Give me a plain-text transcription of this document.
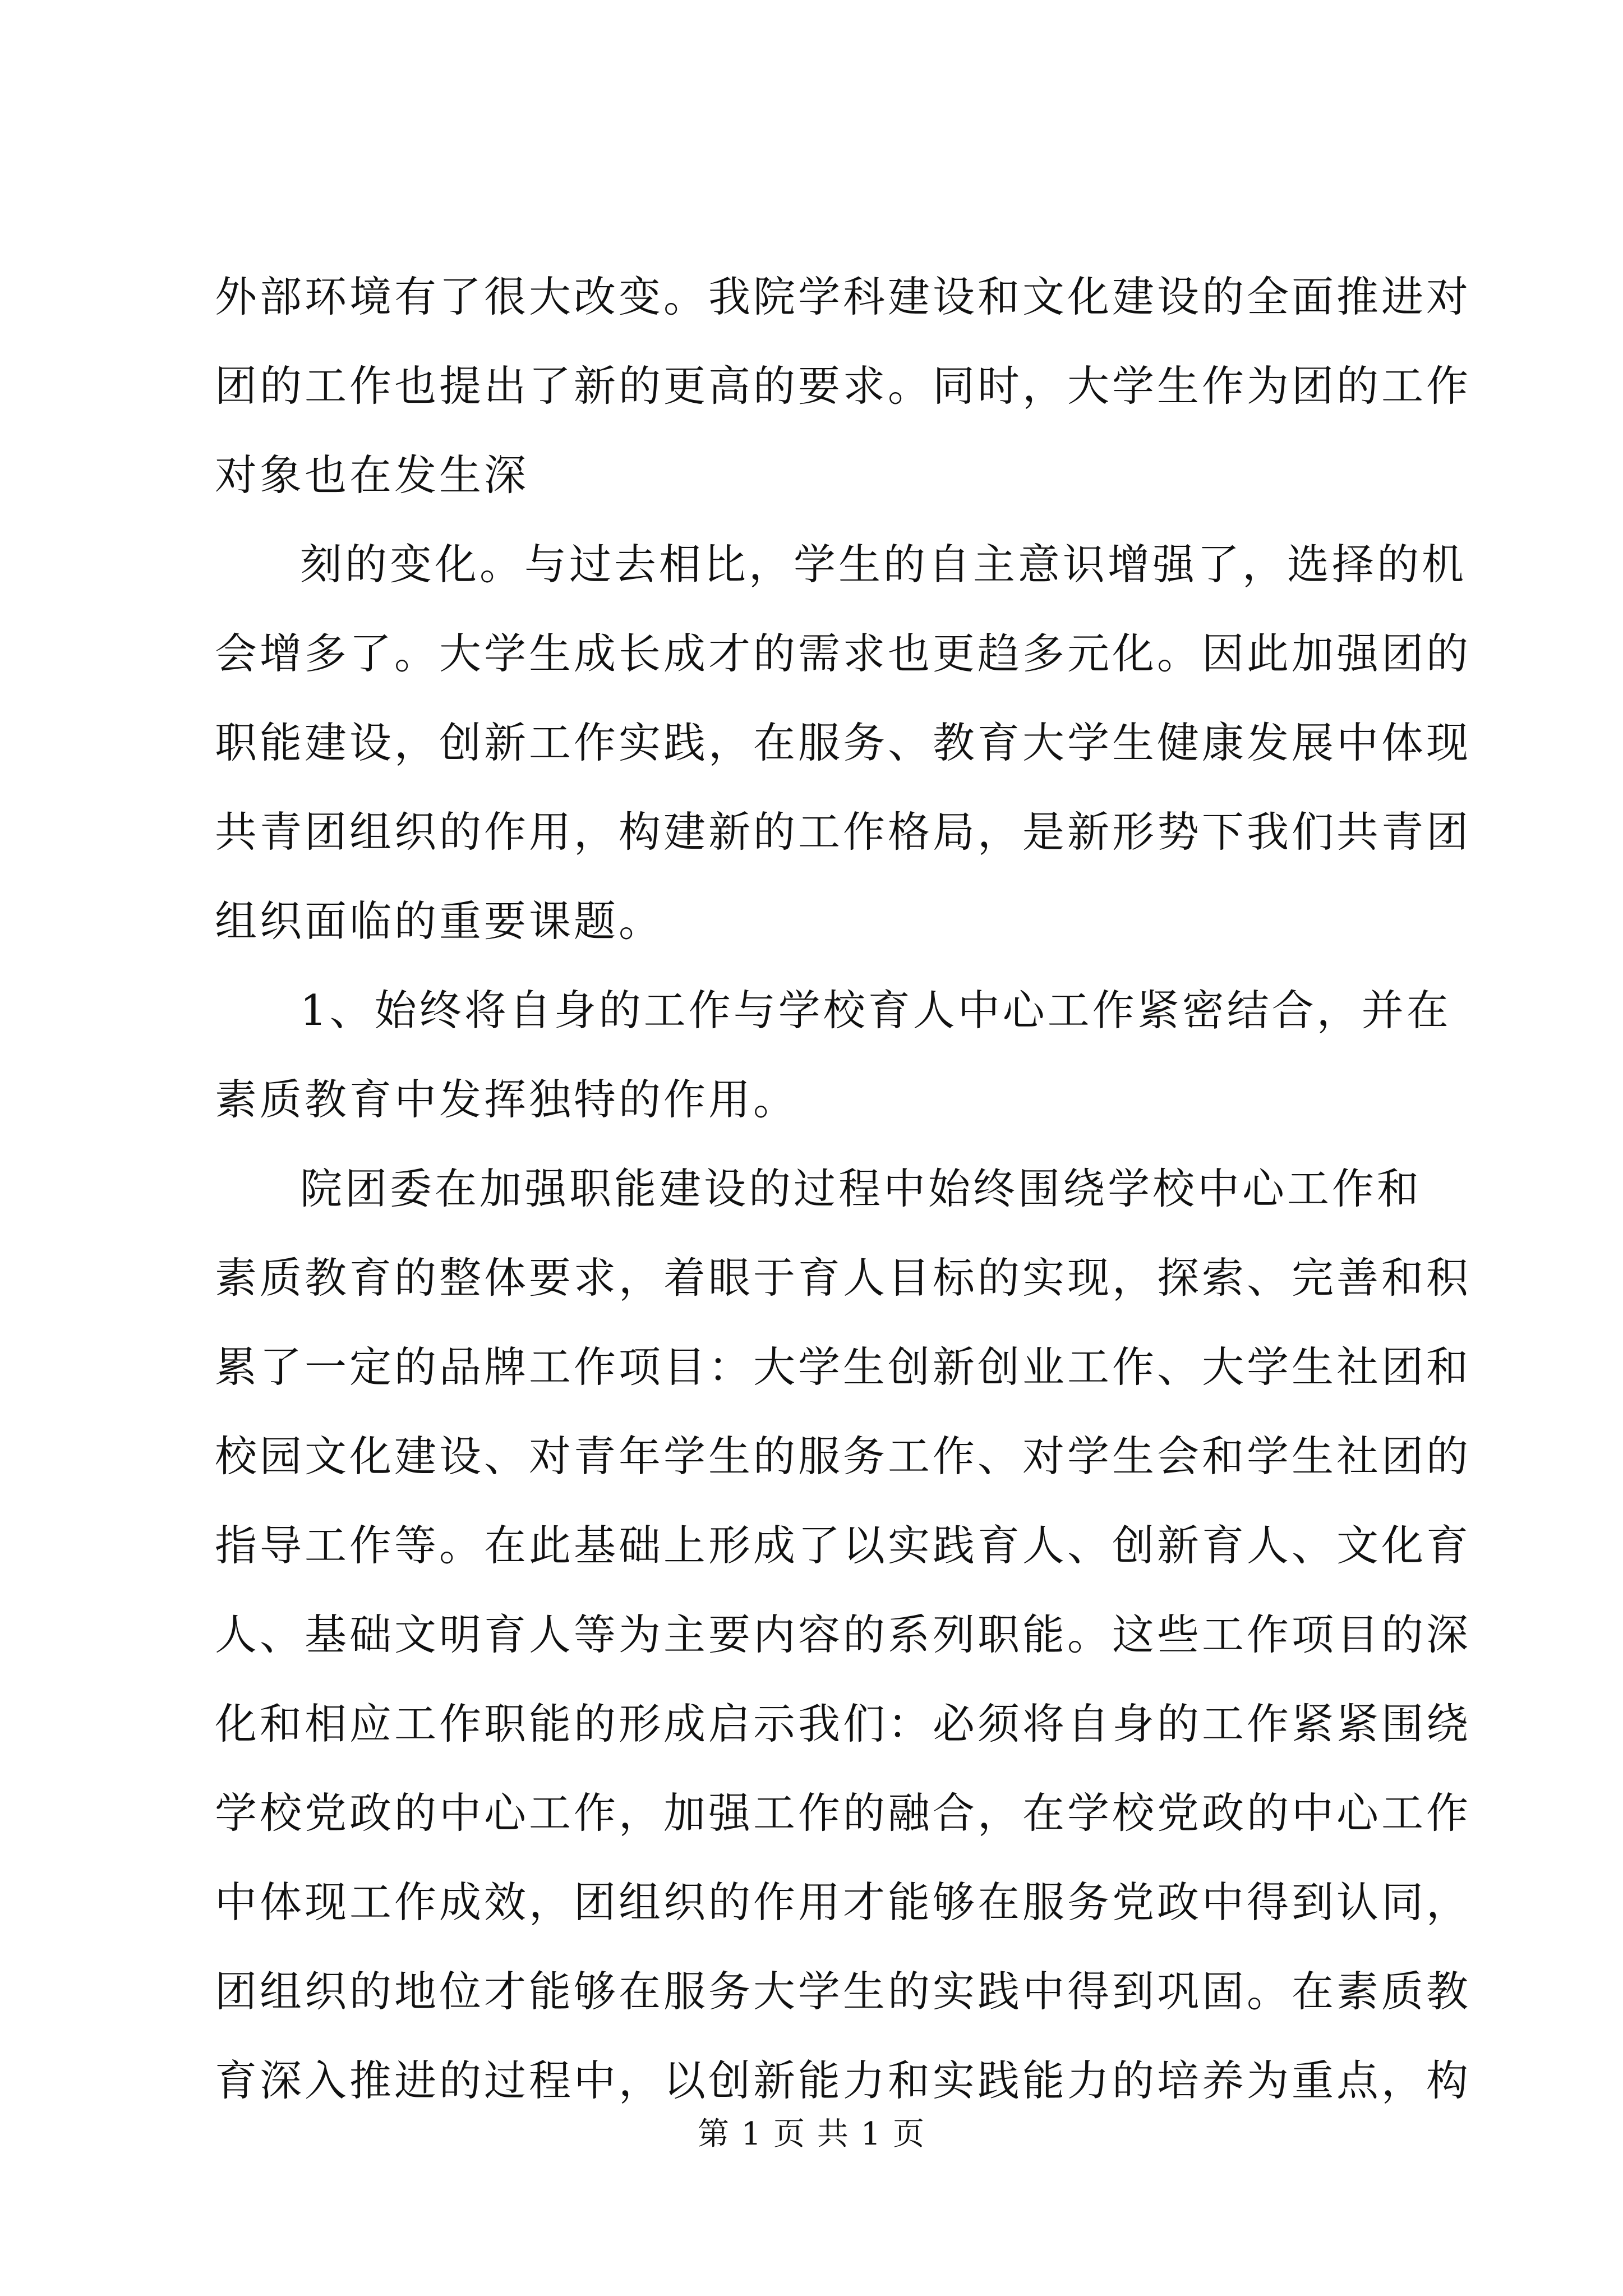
外部环境有了很大改变。我院学科建设和文化建设的全面推进对
团的工作也提出了新的更高的要求。同时，大学生作为团的工作
对象也在发生深
刻的变化。与过去相比，学生的自主意识增强了，选择的机
会增多了。大学生成长成才的需求也更趋多元化。因此加强团的
职能建设，创新工作实践，在服务、教育大学生健康发展中体现
共青团组织的作用，构建新的工作格局，是新形势下我们共青团
组织面临的重要课题。
1、始终将自身的工作与学校育人中心工作紧密结合，并在
素质教育中发挥独特的作用。
院团委在加强职能建设的过程中始终围绕学校中心工作和
素质教育的整体要求，着眼于育人目标的实现，探索、完善和积
累了一定的品牌工作项目：大学生创新创业工作、大学生社团和
校园文化建设、对青年学生的服务工作、对学生会和学生社团的
指导工作等。在此基础上形成了以实践育人、创新育人、文化育
人、基础文明育人等为主要内容的系列职能。这些工作项目的深
化和相应工作职能的形成启示我们：必须将自身的工作紧紧围绕
学校党政的中心工作，加强工作的融合，在学校党政的中心工作
中体现工作成效，团组织的作用才能够在服务党政中得到认同，
团组织的地位才能够在服务大学生的实践中得到巩固。在素质教
育深入推进的过程中，以创新能力和实践能力的培养为重点，构
第 1 页 共 1 页
